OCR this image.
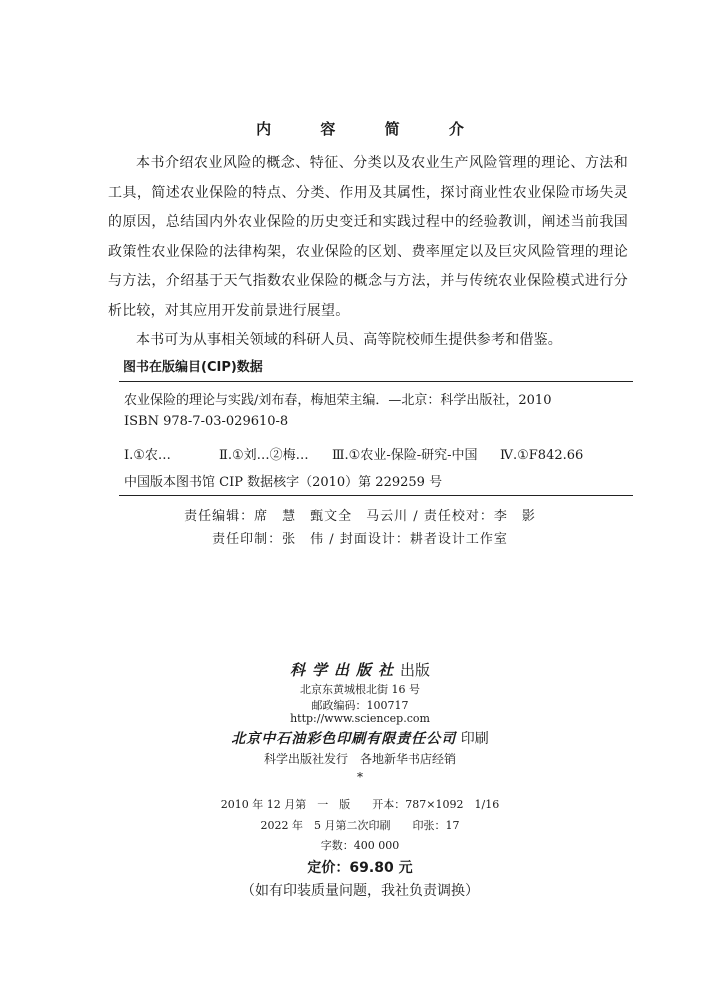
内 容 简 介

本书介绍农业风险的概念、特征、分类以及农业生产风险管理的理论、方法和工具，简述农业保险的特点、分类、作用及其属性，探讨商业性农业保险市场失灵的原因，总结国内外农业保险的历史变迁和实践过程中的经验教训，阐述当前我国政策性农业保险的法律构架，农业保险的区划、费率厘定以及巨灾风险管理的理论与方法，介绍基于天气指数农业保险的概念与方法，并与传统农业保险模式进行分析比较，对其应用开发前景进行展望。

本书可为从事相关领域的科研人员、高等院校师生提供参考和借鉴。

图书在版编目(CIP)数据
农业保险的理论与实践/刘布春，梅旭荣主编．—北京：科学出版社，2010
ISBN 978-7-03-029610-8
Ⅰ.①农…	Ⅱ.①刘…②梅… Ⅲ.①农业-保险-研究-中国 Ⅳ.①F842.66
中国版本图书馆 CIP 数据核字（2010）第 229259 号
责任编辑：席　慧　甄文全　马云川 / 责任校对：李　影
责任印制：张　伟 / 封面设计：耕者设计工作室
科学出版社出版
北京东黄城根北街 16 号
邮政编码：100717
http://www.sciencep.com
北京中石油彩色印刷有限责任公司 印刷
科学出版社发行　各地新华书店经销
*
2010 年 12 月第　一　版 开本：787×1092　1/16
2022 年　5 月第二次印刷 印张：17
字数：400 000
定价：69.80 元
（如有印装质量问题，我社负责调换）
